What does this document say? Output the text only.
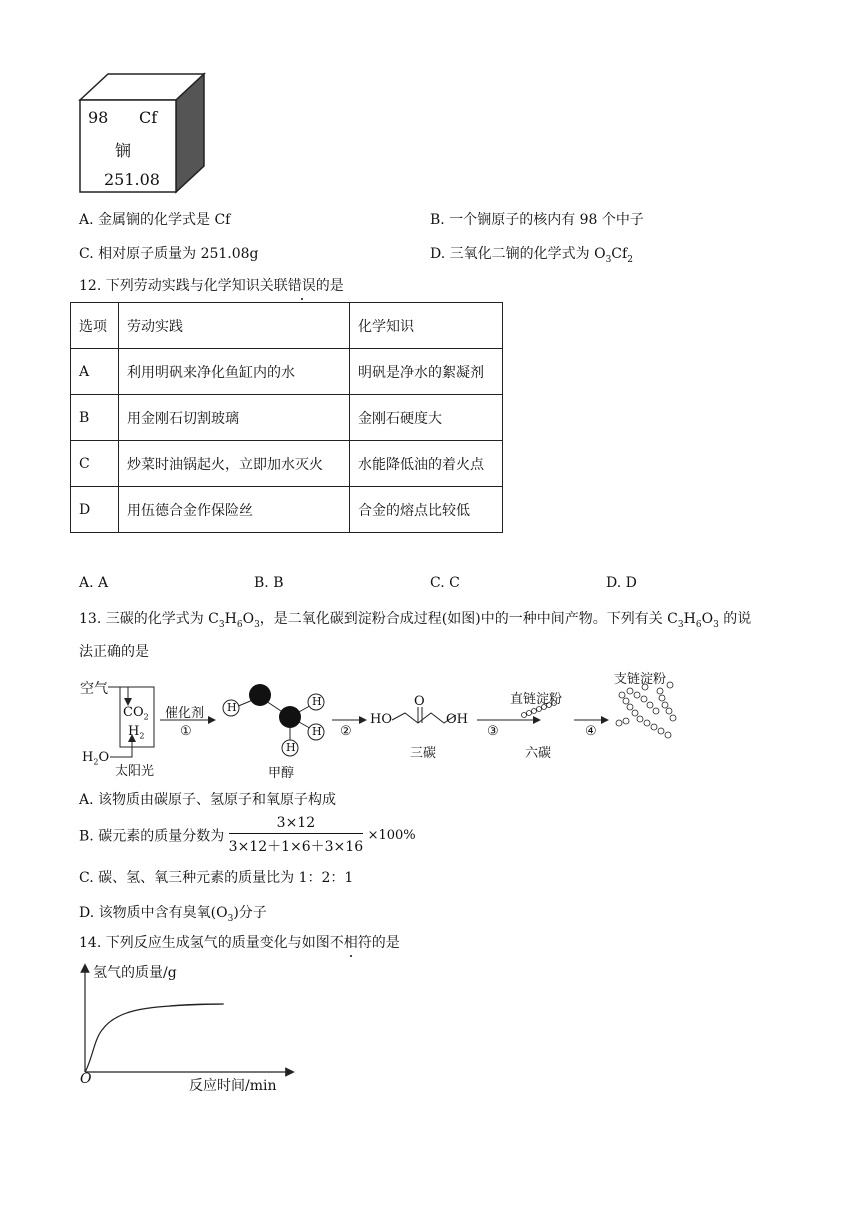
98 Cf
锎
251.08
A. 金属锎的化学式是 Cf	B. 一个锎原子的核内有 98 个中子
C. 相对原子质量为 251.08g	D. 三氧化二锎的化学式为 $O_3Cf_2$
12. 下列劳动实践与化学知识关联错误的是
选项	劳动实践	化学知识
A	利用明矾来净化鱼缸内的水	明矾是净水的絮凝剂
B	用金刚石切割玻璃	金刚石硬度大
C	炒菜时油锅起火，立即加水灭火	水能降低油的着火点
D	用伍德合金作保险丝	合金的熔点比较低
A. A	B. B	C. C	D. D
13. 三碳的化学式为 $C_3H_6O_3$，是二氧化碳到淀粉合成过程(如图)中的一种中间产物。下列有关 $C_3H_6O_3$ 的说
法正确的是
空气
$CO_2$
$H_2$
$H_2O$
太阳光
催化剂
①
H	H
H
H
甲醇
②
HO
O
OH
三碳
直链淀粉
③
六碳
支链淀粉
④
A. 该物质由碳原子、氢原子和氧原子构成
B. 碳元素的质量分数为 $\frac{3\times 12}{3\times 12+1\times 6+3\times 16} \times 100\%$
C. 碳、氢、氧三种元素的质量比为 1：2：1
D. 该物质中含有臭氧$(O_3)$分子
14. 下列反应生成氢气的质量变化与如图不相符的是
氢气的质量/g
O	反应时间/min
